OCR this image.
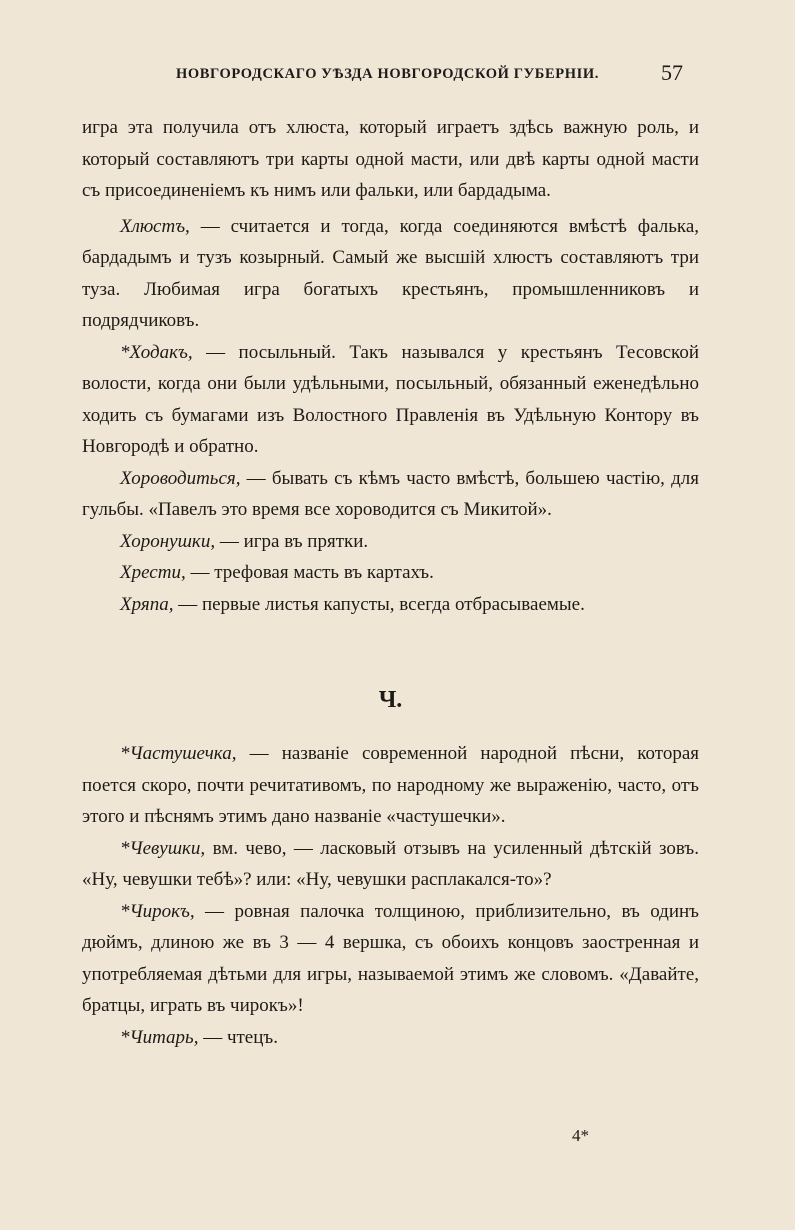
НОВГОРОДСКАГО УѢЗДА НОВГОРОДСКОЙ ГУБЕРНІИ.	57

игра эта получила отъ хлюста, который играетъ здѣсь важную роль, и который составляютъ три карты одной масти, или двѣ карты одной масти съ присоединеніемъ къ нимъ или фальки, или бардадыма.

Хлюстъ, — считается и тогда, когда соединяются вмѣстѣ фалька, бардадымъ и тузъ козырный. Самый же высшій хлюстъ составляютъ три туза. Любимая игра богатыхъ крестьянъ, промышленниковъ и подрядчиковъ.

*Ходакъ, — посыльный. Такъ назывался у крестьянъ Тесовской волости, когда они были удѣльными, посыльный, обязанный еженедѣльно ходить съ бумагами изъ Волостного Правленія въ Удѣльную Контору въ Новгородѣ и обратно.

Хороводиться, — бывать съ кѣмъ часто вмѣстѣ, большею частію, для гульбы. «Павелъ это время все хороводится съ Микитой».

Хоронушки, — игра въ прятки.

Хрести, — трефовая масть въ картахъ.

Хряпа, — первые листья капусты, всегда отбрасываемые.

Ч.

*Частушечка, — названіе современной народной пѣсни, которая поется скоро, почти речитативомъ, по народному же выраженію, часто, отъ этого и пѣснямъ этимъ дано названіе «частушечки».

*Чевушки, вм. чево, — ласковый отзывъ на усиленный дѣтскій зовъ. «Ну, чевушки тебѣ»? или: «Ну, чевушки расплакался-то»?

*Чирокъ, — ровная палочка толщиною, приблизительно, въ одинъ дюймъ, длиною же въ 3 — 4 вершка, съ обоихъ концовъ заостренная и употребляемая дѣтьми для игры, называемой этимъ же словомъ. «Давайте, братцы, играть въ чирокъ»!

*Читарь, — чтецъ.

4*
